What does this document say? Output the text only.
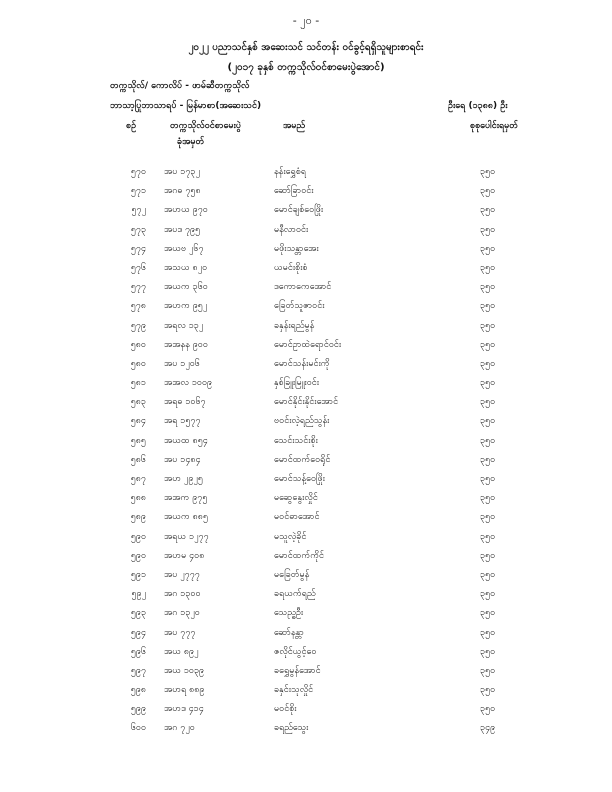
- ၂၀ -
၂၀၂၂ ပညာသင်နှစ် အဆေးသင် သင်တန်း ဝင်ခွင့်ရရှိသူများစာရင်း
(၂၀၁၇ ခုနှစ် တက္ကသိုလ်ဝင်စာမေးပွဲအောင်)
တက္ကသိုလ်/ ကောလိပ် - ဖာမ်ဆီတက္ကသိုလ်
ဘာသာ့ပြုဘာသာရပ် - မြန်မာစာ(အဆေးသင်)	ဦးရေ (၁၃၈၈) ဦး
စဉ်	တက္ကသိုလ်ဝင်စာမေးပွဲ	အမည်	စုစုပေါင်းရမှတ်
ခုံအမှတ်
၅၇၀ အပ ၁၇၃၂	နန်းရွှေစံရ	၃၅၀
၅၇၁ အဂဓ ၇၅၈	ဆော်ခြာဝင်း	၃၅၀
၅၇၂ အဟယ ၉၇၀	မောင်ချစ်ဝေဖြိုး	၃၅၀
၅၇၃ အပဒ ၇၉၅	မနီလာဝင်း	၃၅၀
၅၇၄ အယဗ ၂၆၇	မဖိုးသန္တာအေး	၃၅၀
၅၇၆ အသယ ၈၂၀	ယမင်းစိုးစံ	၃၅၀
၅၇၇ အယက ၃၆၀	ဒကောကေအောင်	၃၅၀
၅၇၈ အဟက ၉၅၂	ခြေတ်သူဇာဝင်း	၃၅၀
၅၇၉ အရလ ၁၃၂	ခနှန်းရည်မွန်	၃၅၀
၅၈၀ အအနန ၉၀၀	မောင်ဥာထဲရောင်ဝင်း	၃၅၀
၅၈၀ အပ ၁၂၀၆	မောင်သန်းမင်းကို	၃၅၀
၅၈၁ အအလ ၁၀၀၉	နှစ်ခြူးမြူးဝင်း	၃၅၀
၅၈၃ အရဓ ၁၀၆၇	မောင်နိုင်းနိုင်းအောင်	၃၅၀
၅၈၄ အရ ၁၅၇၇	ဗဝင်းလဲ့ရည်သွန်း	၃၅၀
၅၈၅ အယထ ၈၅၄	သေင်းသင်းစိုး	၃၅၀
၅၈၆ အပ ၁၄၈၄	မောင်ထက်ဝေရိုင်	၃၅၀
၅၈၇ အဟ ၂၉၂၅	မောင်သန့်ဝေဖြိုး	၃၅၀
၅၈၈ အအက ၉၇၅	မဆွေနွေးလှိုင်	၃၅၀
၅၈၉ အယက ၈၈၅	မဝင်ဓာအောင်	၃၅၀
၅၉၀ အရယ ၁၂၇၇	မသူလဲ့ခိုင်	၃၅၀
၅၉၀ အဟမ ၄၀၈	မောင်ထက်ကိုင်	၃၅၀
၅၉၁ အပ ၂၇၇၇	မခြေတ်မွန်	၃၅၀
၅၉၂ အဂ ၁၃၀၀	ခရယက်ရည်	၃၅၀
၅၉၃ အဂ ၁၃၂၀	သေည္ဓဦး	၃၅၀
၅၉၄ အပ ၇၇၇	ဆော်နန္တာ	၃၅၀
၅၉၆ အယ ၈၉၂	ဇလိုင်ယွင့်ဝေ	၃၅၀
၅၉၇ အယ ၁၀၃၉	ခရွှေမွန်အောင်	၃၅၀
၅၉၈ အဟရ ၈၈၉	ခနှင်းသုလှိုင်	၃၅၀
၅၉၉ အဟဒ ၄၁၄	မဝင်စိုး	၃၅၀
၆၀၀ အဂ ၇၂၀	ခရည်သွေး	၃၄၉
